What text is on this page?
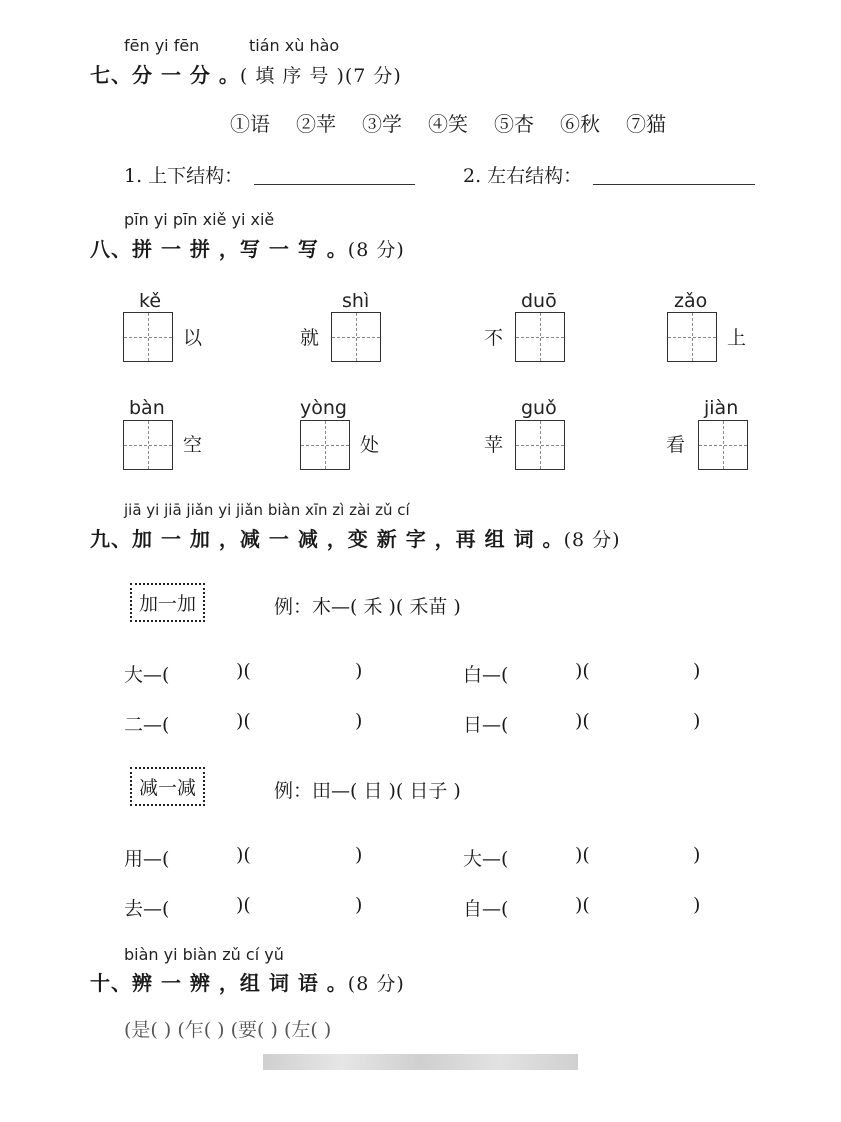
fēn yi fēn	tián xù hào
七、分 一 分 。( 填 序 号 )(7 分)
①语 ②苹 ③学 ④笑 ⑤杏 ⑥秋 ⑦猫
1. 上下结构：	2. 左右结构：
pīn yi pīn xiě yi xiě
八、拼 一 拼 ，写 一 写 。(8 分)
kě
以
shì
就
duō
不
zǎo
上
bàn
空
yòng
处
guǒ
苹
jiàn
看
jiā yi jiā jiǎn yi jiǎn biàn xīn zì zài zǔ cí
九、加 一 加 ，减 一 减 ，变 新 字 ，再 组 词 。(8 分)
加一加	例：木—( 禾 )( 禾苗 )
大—(	)(	)	白—(	)(	)
二—(	)(	)	日—(	)(	)
减一减	例：田—( 日 )( 日子 )
用—(	)(	)	大—(	)(	)
去—(	)(	)	自—(	)(	)
biàn yi biàn zǔ cí yǔ
十、辨 一 辨 ，组 词 语 。(8 分)
(是( ) (乍( ) (要( ) (左( )
